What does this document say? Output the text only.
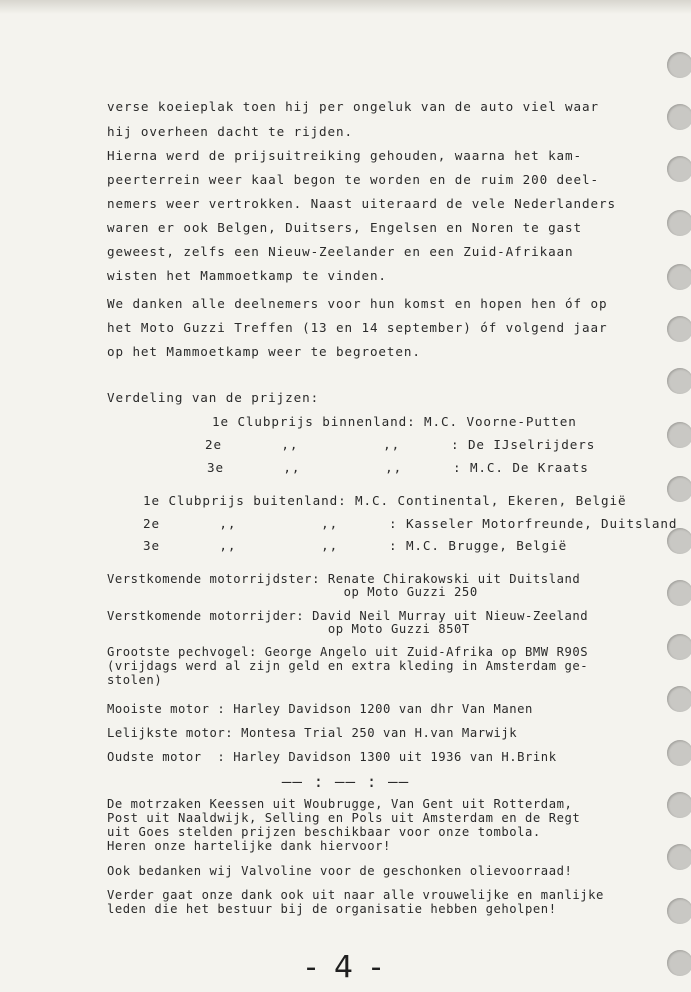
verse koeieplak toen hij per ongeluk van de auto viel waar
hij overheen dacht te rijden.
Hierna werd de prijsuitreiking gehouden, waarna het kam-
peerterrein weer kaal begon te worden en de ruim 200 deel-
nemers weer vertrokken. Naast uiteraard de vele Nederlanders
waren er ook Belgen, Duitsers, Engelsen en Noren te gast
geweest, zelfs een Nieuw-Zeelander en een Zuid-Afrikaan
wisten het Mammoetkamp te vinden.
We danken alle deelnemers voor hun komst en hopen hen óf op
het Moto Guzzi Treffen (13 en 14 september) óf volgend jaar
op het Mammoetkamp weer te begroeten.
Verdeling van de prijzen:
1e Clubprijs binnenland: M.C. Voorne-Putten
2e       ,,          ,,      : De IJselrijders
3e       ,,          ,,      : M.C. De Kraats
1e Clubprijs buitenland: M.C. Continental, Ekeren, België
2e       ,,          ,,      : Kasseler Motorfreunde, Duitsland
3e       ,,          ,,      : M.C. Brugge, België
Verstkomende motorrijdster: Renate Chirakowski uit Duitsland
op Moto Guzzi 250
Verstkomende motorrijder: David Neil Murray uit Nieuw-Zeeland
op Moto Guzzi 850T
Grootste pechvogel: George Angelo uit Zuid-Afrika op BMW R90S
(vrijdags werd al zijn geld en extra kleding in Amsterdam ge-
stolen)
Mooiste motor : Harley Davidson 1200 van dhr Van Manen
Lelijkste motor: Montesa Trial 250 van H.van Marwijk
Oudste motor  : Harley Davidson 1300 uit 1936 van H.Brink
De motrzaken Keessen uit Woubrugge, Van Gent uit Rotterdam,
Post uit Naaldwijk, Selling en Pols uit Amsterdam en de Regt
uit Goes stelden prijzen beschikbaar voor onze tombola.
Heren onze hartelijke dank hiervoor!
Ook bedanken wij Valvoline voor de geschonken olievoorraad!
Verder gaat onze dank ook uit naar alle vrouwelijke en manlijke
leden die het bestuur bij de organisatie hebben geholpen!
—— : —— : ——
- 4 -
